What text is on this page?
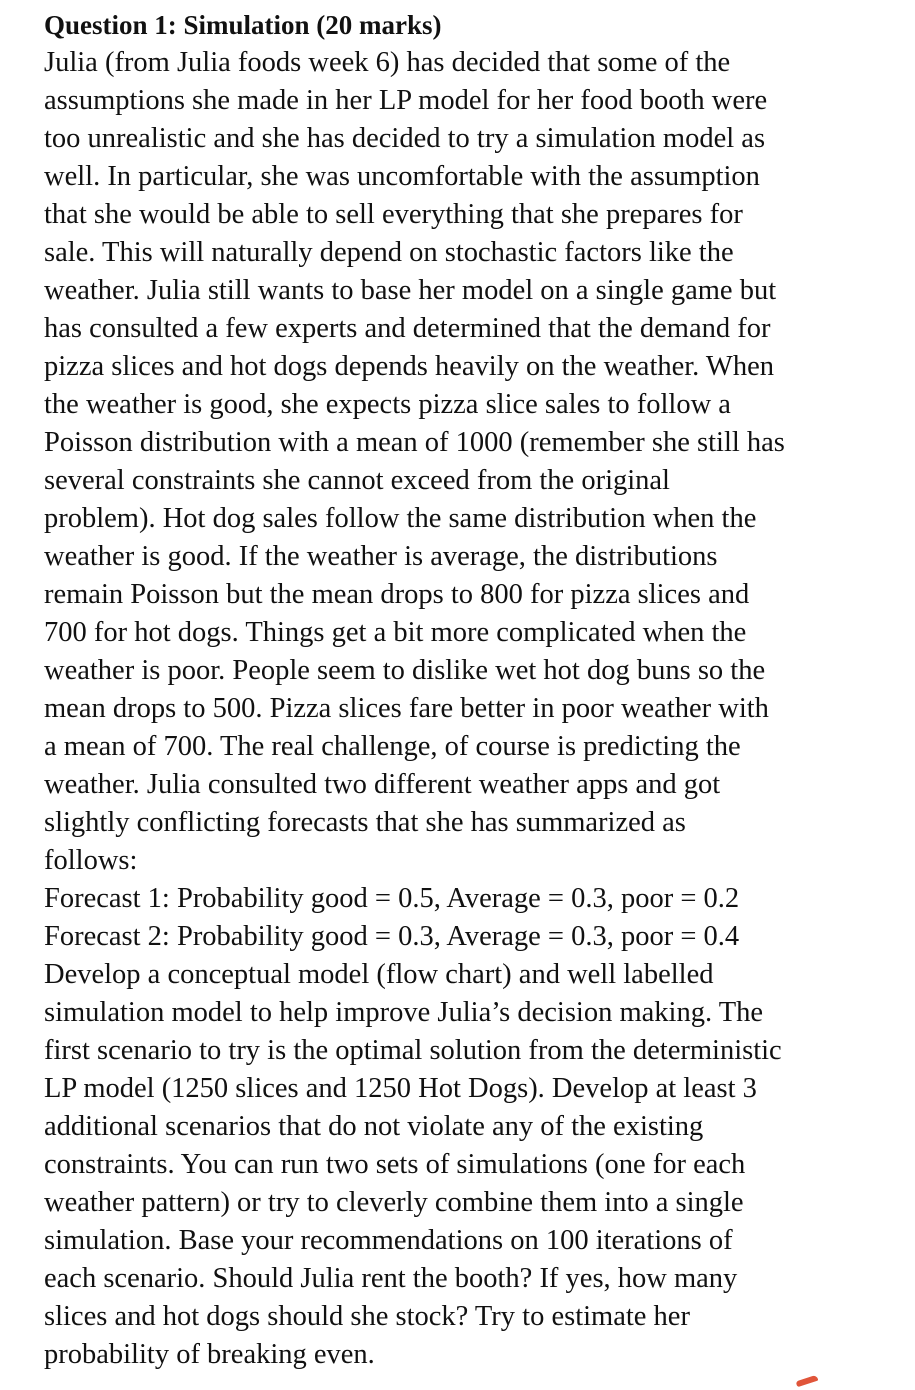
Question 1: Simulation (20 marks)
Julia (from Julia foods week 6) has decided that some of the
assumptions she made in her LP model for her food booth were
too unrealistic and she has decided to try a simulation model as
well. In particular, she was uncomfortable with the assumption
that she would be able to sell everything that she prepares for
sale. This will naturally depend on stochastic factors like the
weather. Julia still wants to base her model on a single game but
has consulted a few experts and determined that the demand for
pizza slices and hot dogs depends heavily on the weather. When
the weather is good, she expects pizza slice sales to follow a
Poisson distribution with a mean of 1000 (remember she still has
several constraints she cannot exceed from the original
problem). Hot dog sales follow the same distribution when the
weather is good. If the weather is average, the distributions
remain Poisson but the mean drops to 800 for pizza slices and
700 for hot dogs. Things get a bit more complicated when the
weather is poor. People seem to dislike wet hot dog buns so the
mean drops to 500. Pizza slices fare better in poor weather with
a mean of 700. The real challenge, of course is predicting the
weather. Julia consulted two different weather apps and got
slightly conflicting forecasts that she has summarized as
follows:
Forecast 1: Probability good = 0.5, Average = 0.3, poor = 0.2
Forecast 2: Probability good = 0.3, Average = 0.3, poor = 0.4
Develop a conceptual model (flow chart) and well labelled
simulation model to help improve Julia’s decision making. The
first scenario to try is the optimal solution from the deterministic
LP model (1250 slices and 1250 Hot Dogs). Develop at least 3
additional scenarios that do not violate any of the existing
constraints. You can run two sets of simulations (one for each
weather pattern) or try to cleverly combine them into a single
simulation. Base your recommendations on 100 iterations of
each scenario. Should Julia rent the booth? If yes, how many
slices and hot dogs should she stock? Try to estimate her
probability of breaking even.
